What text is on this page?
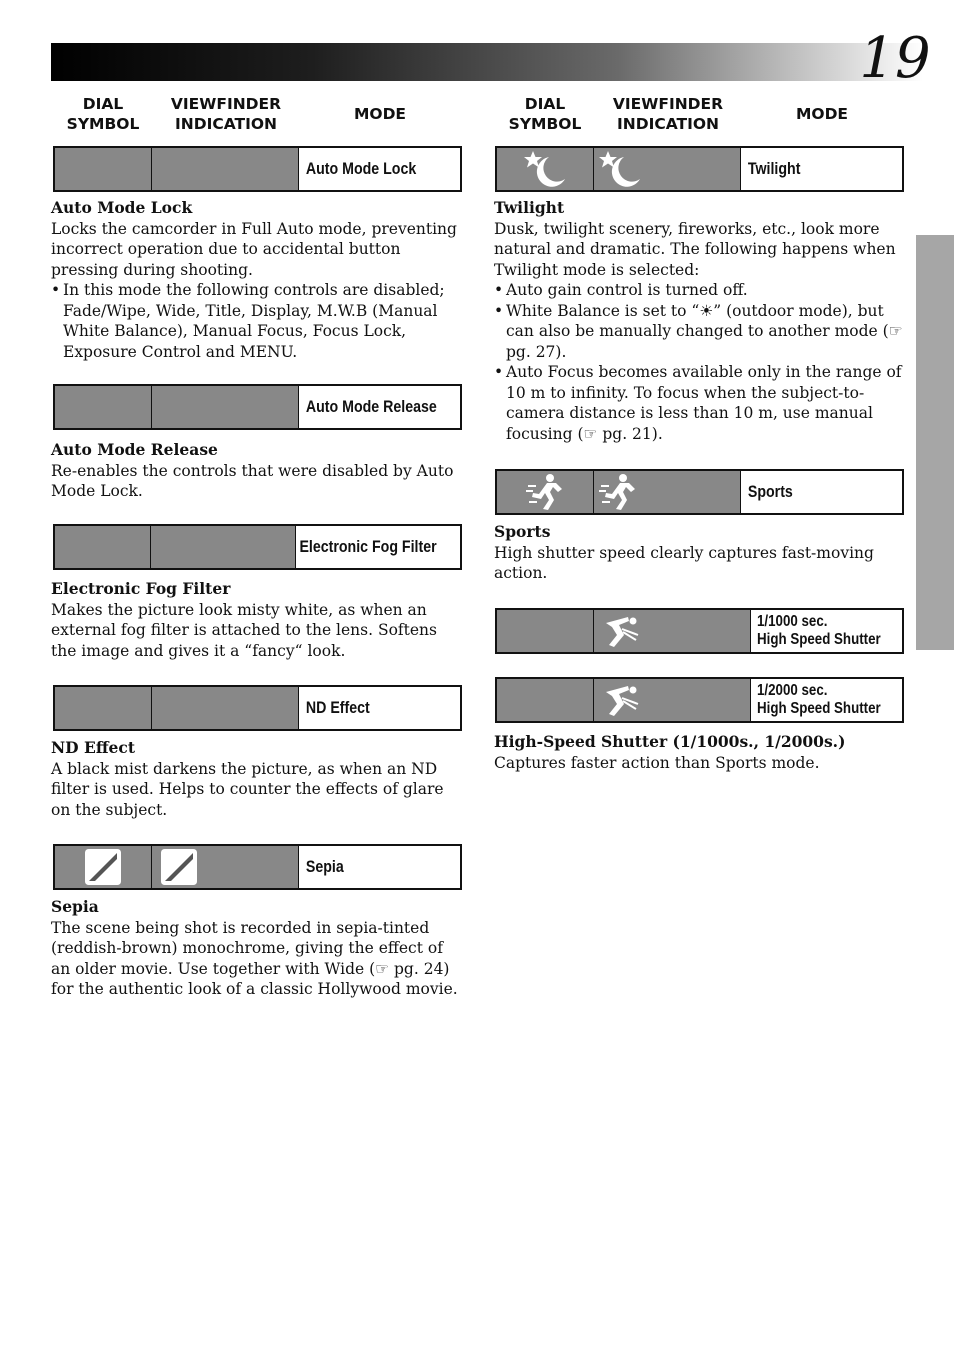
19
DIAL
SYMBOL
VIEWFINDER
INDICATION
MODE
DIAL
SYMBOL
VIEWFINDER
INDICATION
MODE
Auto Mode Lock

Auto Mode Lock

Locks the camcorder in Full Auto mode, preventing incorrect operation due to accidental button pressing during shooting.

• In this mode the following controls are disabled; Fade/Wipe, Wide, Title, Display, M.W.B (Manual White Balance), Manual Focus, Focus Lock, Exposure Control and MENU.
Auto Mode Release

Auto Mode Release

Re-enables the controls that were disabled by Auto Mode Lock.

Electronic Fog Filter

Electronic Fog Filter

Makes the picture look misty white, as when an external fog filter is attached to the lens. Softens the image and gives it a “fancy“ look.

ND Effect

ND Effect

A black mist darkens the picture, as when an ND filter is used. Helps to counter the effects of glare on the subject.

Sepia

Sepia

The scene being shot is recorded in sepia-tinted (reddish-brown) monochrome, giving the effect of an older movie. Use together with Wide (☞ pg. 24) for the authentic look of a classic Hollywood movie.

Twilight

Twilight

Dusk, twilight scenery, fireworks, etc., look more natural and dramatic. The following happens when Twilight mode is selected:

• Auto gain control is turned off.
• White Balance is set to “☀” (outdoor mode), but can also be manually changed to another mode (☞ pg. 27).
• Auto Focus becomes available only in the range of 10 m to infinity. To focus when the subject-to-camera distance is less than 10 m, use manual focusing (☞ pg. 21).
Sports

Sports

High shutter speed clearly captures fast-moving action.

1/1000 sec.
High Speed Shutter
1/2000 sec.
High Speed Shutter

High-Speed Shutter (1/1000s., 1/2000s.)

Captures faster action than Sports mode.
